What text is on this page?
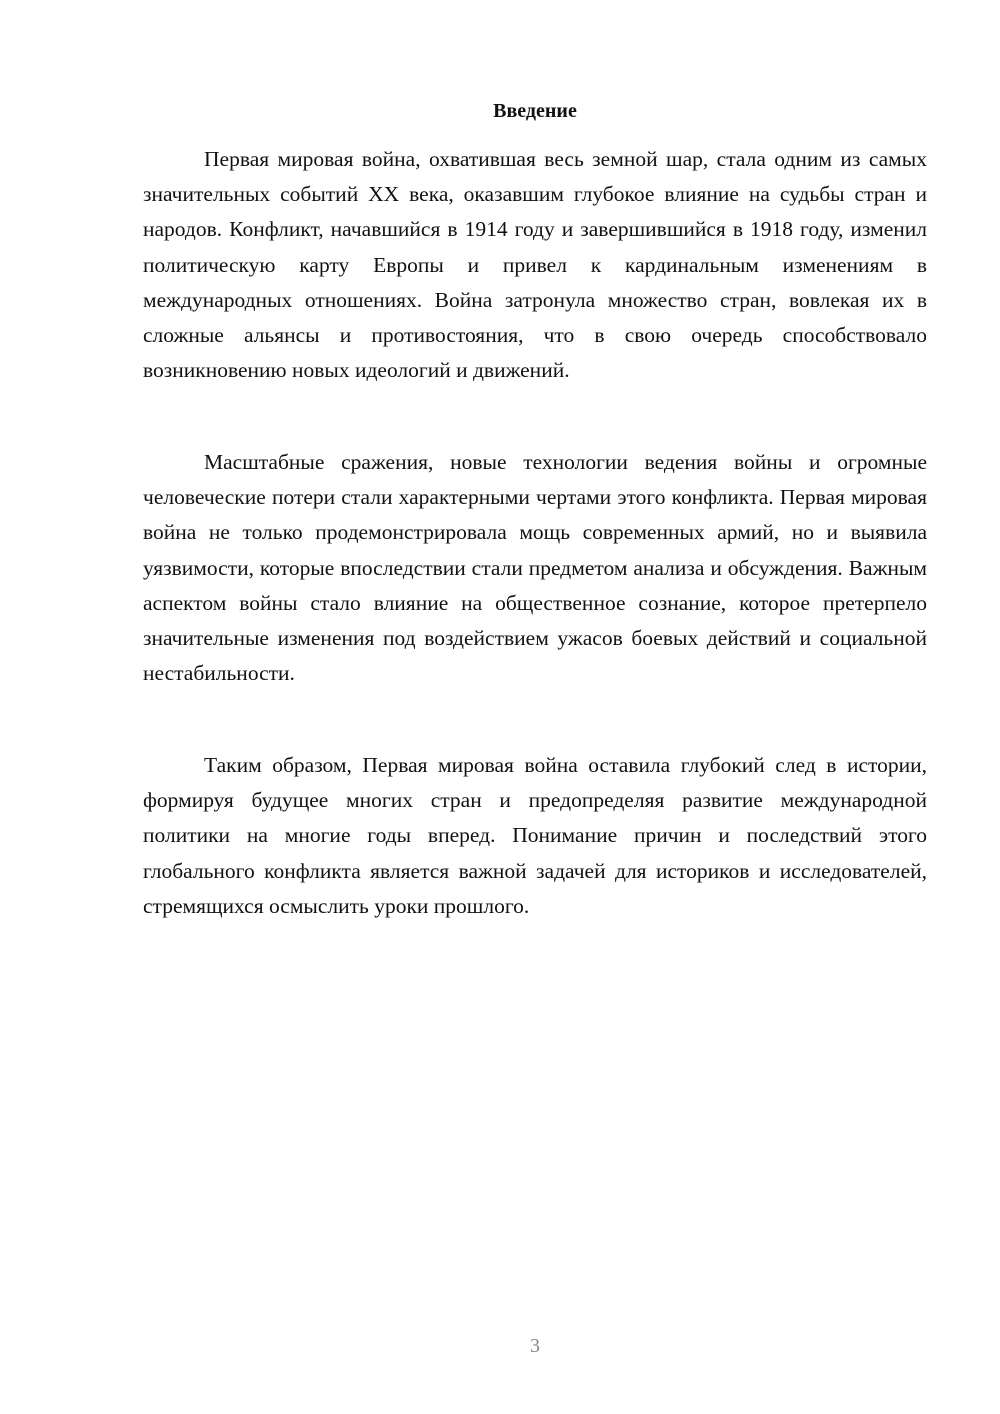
Введение
Первая мировая война, охватившая весь земной шар, стала одним из самых значительных событий XX века, оказавшим глубокое влияние на судьбы стран и народов. Конфликт, начавшийся в 1914 году и завершившийся в 1918 году, изменил политическую карту Европы и привел к кардинальным изменениям в международных отношениях. Война затронула множество стран, вовлекая их в сложные альянсы и противостояния, что в свою очередь способствовало возникновению новых идеологий и движений.
Масштабные сражения, новые технологии ведения войны и огромные человеческие потери стали характерными чертами этого конфликта. Первая мировая война не только продемонстрировала мощь современных армий, но и выявила уязвимости, которые впоследствии стали предметом анализа и обсуждения. Важным аспектом войны стало влияние на общественное сознание, которое претерпело значительные изменения под воздействием ужасов боевых действий и социальной нестабильности.
Таким образом, Первая мировая война оставила глубокий след в истории, формируя будущее многих стран и предопределяя развитие международной политики на многие годы вперед. Понимание причин и последствий этого глобального конфликта является важной задачей для историков и исследователей, стремящихся осмыслить уроки прошлого.
3
